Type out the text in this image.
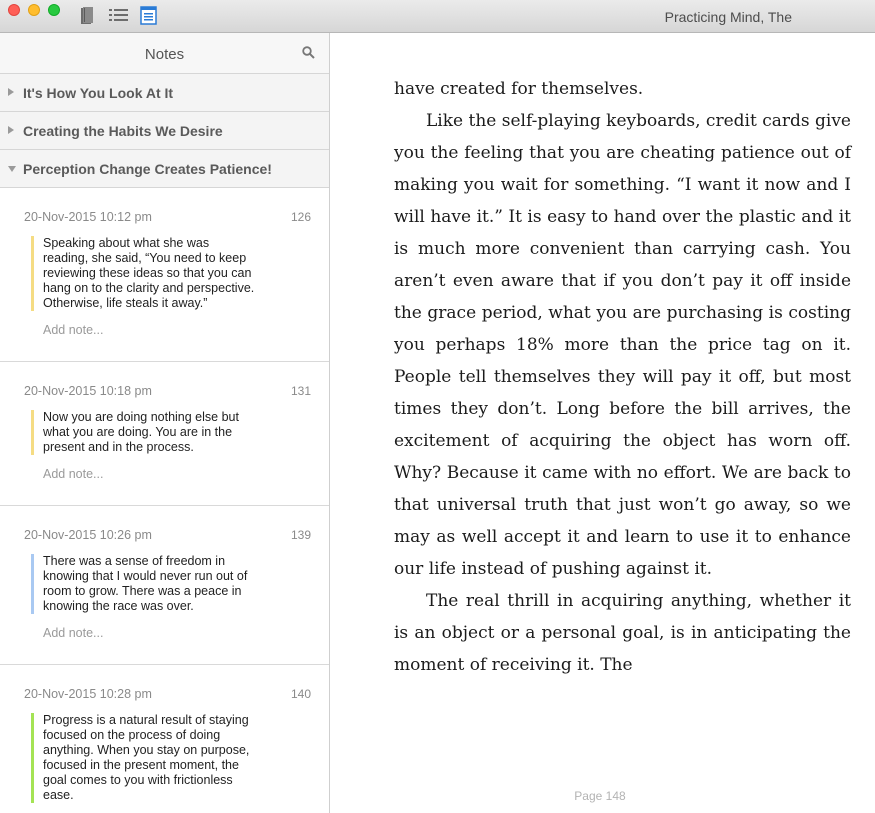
Practicing Mind, The
Notes
It's How You Look At It
Creating the Habits We Desire
Perception Change Creates Patience!
20-Nov-2015 10:12 pm	126
Speaking about what she was
reading, she said, “You need to keep
reviewing these ideas so that you can
hang on to the clarity and perspective.
Otherwise, life steals it away.”
Add note...
20-Nov-2015 10:18 pm	131
Now you are doing nothing else but
what you are doing. You are in the
present and in the process.
Add note...
20-Nov-2015 10:26 pm	139
There was a sense of freedom in
knowing that I would never run out of
room to grow. There was a peace in
knowing the race was over.
Add note...
20-Nov-2015 10:28 pm	140
Progress is a natural result of staying
focused on the process of doing
anything. When you stay on purpose,
focused in the present moment, the
goal comes to you with frictionless
ease.

have created for themselves.

Like the self-playing keyboards, credit cards give you the feeling that you are cheating patience out of making you wait for something. “I want it now and I will have it.” It is easy to hand over the plastic and it is much more convenient than carrying cash. You aren’t even aware that if you don’t pay it off inside the grace period, what you are purchasing is costing you perhaps 18% more than the price tag on it. People tell themselves they will pay it off, but most times they don’t. Long before the bill arrives, the excitement of acquiring the object has worn off. Why? Because it came with no effort. We are back to that universal truth that just won’t go away, so we may as well accept it and learn to use it to enhance our life instead of pushing against it.

The real thrill in acquiring anything, whether it is an object or a personal goal, is in anticipating the moment of receiving it. The

Page 148
